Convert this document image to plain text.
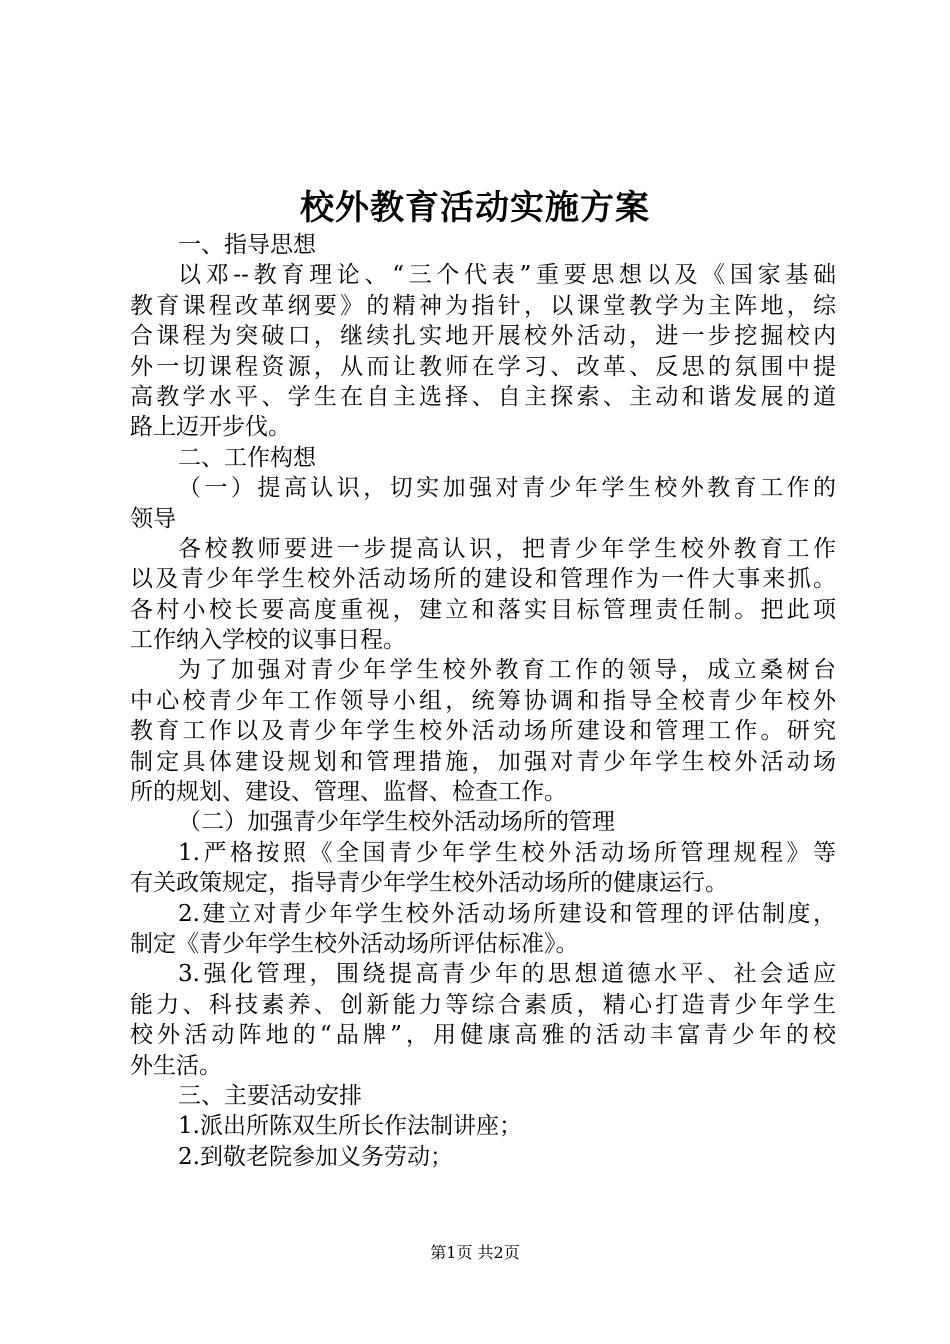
校外教育活动实施方案
一、指导思想
以邓--教育理论、“三个代表”重要思想以及《国家基础
教育课程改革纲要》的精神为指针，以课堂教学为主阵地，综
合课程为突破口，继续扎实地开展校外活动，进一步挖掘校内
外一切课程资源，从而让教师在学习、改革、反思的氛围中提
高教学水平、学生在自主选择、自主探索、主动和谐发展的道
路上迈开步伐。
二、工作构想
（一）提高认识，切实加强对青少年学生校外教育工作的
领导
各校教师要进一步提高认识，把青少年学生校外教育工作
以及青少年学生校外活动场所的建设和管理作为一件大事来抓。
各村小校长要高度重视，建立和落实目标管理责任制。把此项
工作纳入学校的议事日程。
为了加强对青少年学生校外教育工作的领导，成立桑树台
中心校青少年工作领导小组，统筹协调和指导全校青少年校外
教育工作以及青少年学生校外活动场所建设和管理工作。研究
制定具体建设规划和管理措施，加强对青少年学生校外活动场
所的规划、建设、管理、监督、检查工作。
（二）加强青少年学生校外活动场所的管理
1.严格按照《全国青少年学生校外活动场所管理规程》等
有关政策规定，指导青少年学生校外活动场所的健康运行。
2.建立对青少年学生校外活动场所建设和管理的评估制度，
制定《青少年学生校外活动场所评估标准》。
3.强化管理，围绕提高青少年的思想道德水平、社会适应
能力、科技素养、创新能力等综合素质，精心打造青少年学生
校外活动阵地的“品牌”，用健康高雅的活动丰富青少年的校
外生活。
三、主要活动安排
1.派出所陈双生所长作法制讲座；
2.到敬老院参加义务劳动；
第1页 共2页
